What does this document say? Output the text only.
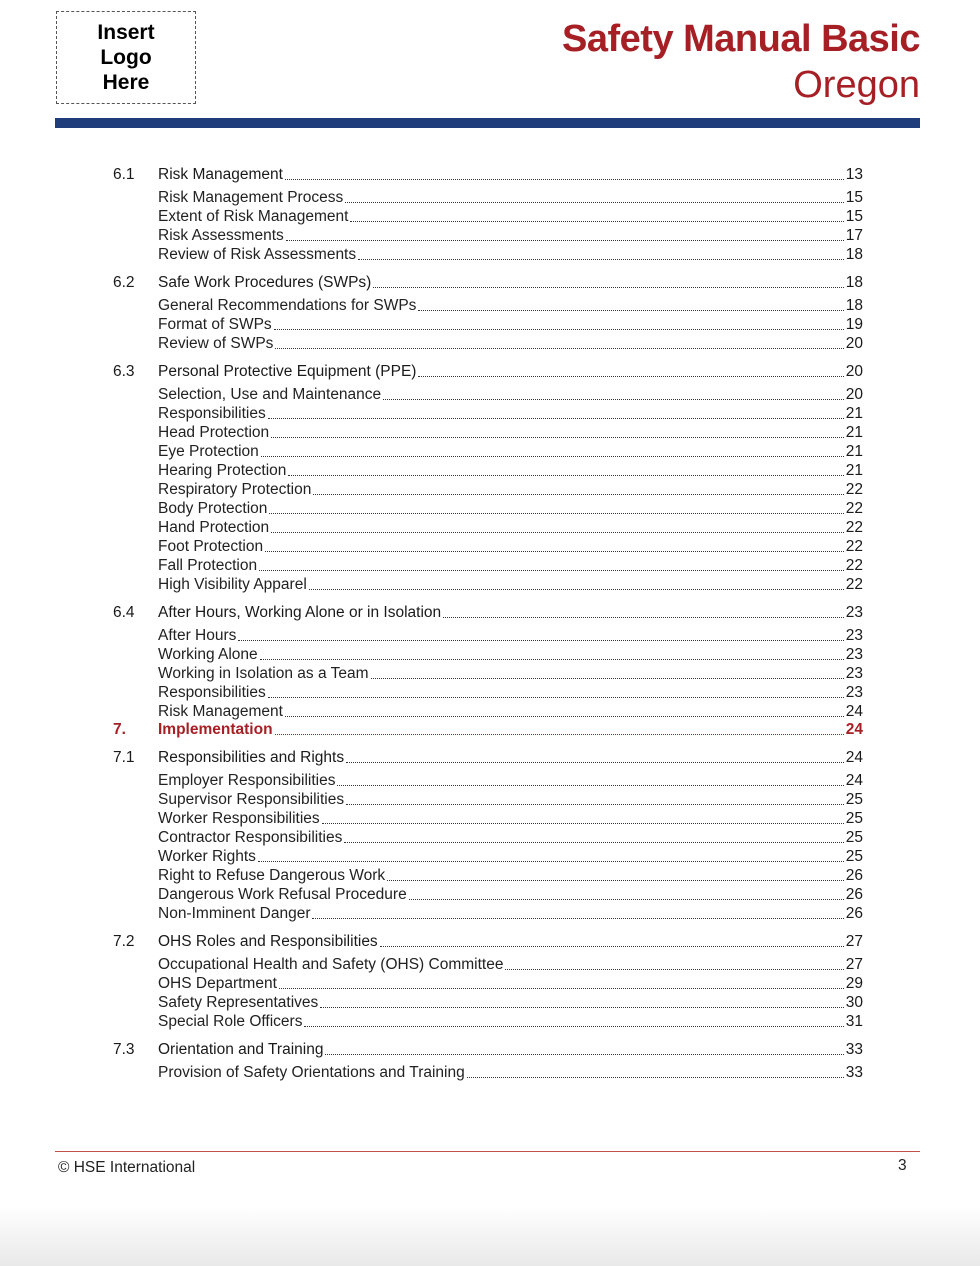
Insert
Logo
Here
Safety Manual Basic
Oregon
6.1	Risk Management	13
Risk Management Process	15
Extent of Risk Management	15
Risk Assessments	17
Review of Risk Assessments	18
6.2	Safe Work Procedures (SWPs)	18
General Recommendations for SWPs	18
Format of SWPs	19
Review of SWPs	20
6.3	Personal Protective Equipment (PPE)	20
Selection, Use and Maintenance	20
Responsibilities	21
Head Protection	21
Eye Protection	21
Hearing Protection	21
Respiratory Protection	22
Body Protection	22
Hand Protection	22
Foot Protection	22
Fall Protection	22
High Visibility Apparel	22
6.4	After Hours, Working Alone or in Isolation	23
After Hours	23
Working Alone	23
Working in Isolation as a Team	23
Responsibilities	23
Risk Management	24
7.	Implementation	24
7.1	Responsibilities and Rights	24
Employer Responsibilities	24
Supervisor Responsibilities	25
Worker Responsibilities	25
Contractor Responsibilities	25
Worker Rights	25
Right to Refuse Dangerous Work	26
Dangerous Work Refusal Procedure	26
Non-Imminent Danger	26
7.2	OHS Roles and Responsibilities	27
Occupational Health and Safety (OHS) Committee	27
OHS Department	29
Safety Representatives	30
Special Role Officers	31
7.3	Orientation and Training	33
Provision of Safety Orientations and Training	33
© HSE International	3
